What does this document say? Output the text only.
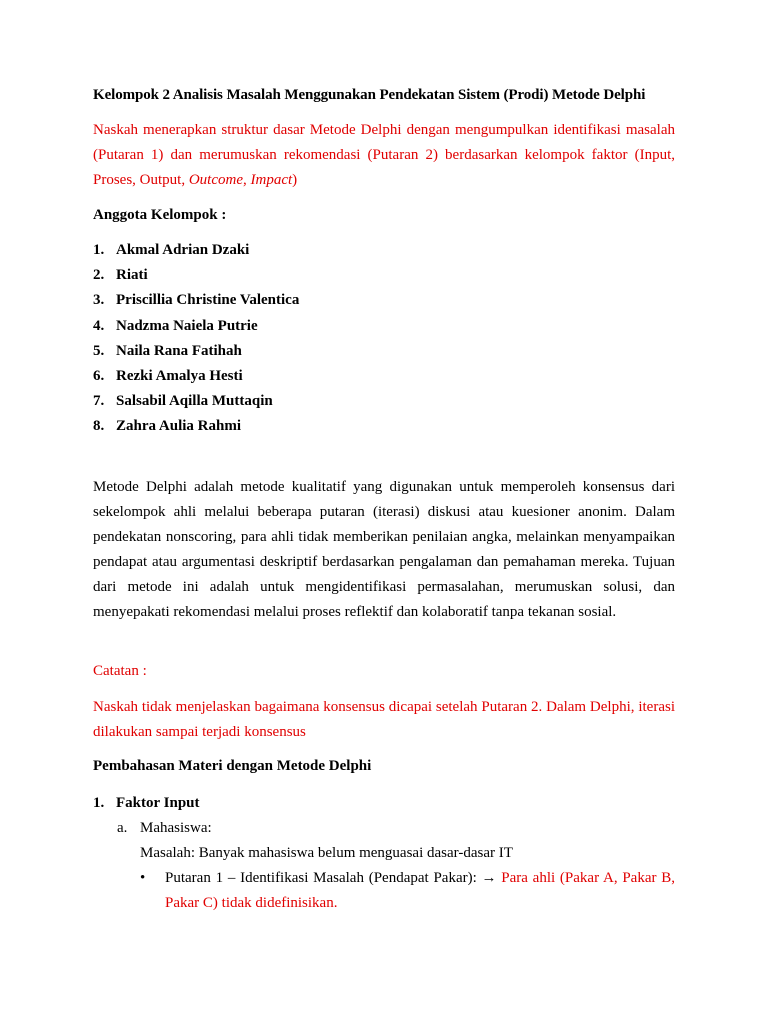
Kelompok 2 Analisis Masalah Menggunakan Pendekatan Sistem (Prodi) Metode Delphi

Naskah menerapkan struktur dasar Metode Delphi dengan mengumpulkan identifikasi masalah (Putaran 1) dan merumuskan rekomendasi (Putaran 2) berdasarkan kelompok faktor (Input, Proses, Output, Outcome, Impact)

Anggota Kelompok :
1. Akmal Adrian Dzaki
2. Riati
3. Priscillia Christine Valentica
4. Nadzma Naiela Putrie
5. Naila Rana Fatihah
6. Rezki Amalya Hesti
7. Salsabil Aqilla Muttaqin
8. Zahra Aulia Rahmi

Metode Delphi adalah metode kualitatif yang digunakan untuk memperoleh konsensus dari sekelompok ahli melalui beberapa putaran (iterasi) diskusi atau kuesioner anonim. Dalam pendekatan nonscoring, para ahli tidak memberikan penilaian angka, melainkan menyampaikan pendapat atau argumentasi deskriptif berdasarkan pengalaman dan pemahaman mereka. Tujuan dari metode ini adalah untuk mengidentifikasi permasalahan, merumuskan solusi, dan menyepakati rekomendasi melalui proses reflektif dan kolaboratif tanpa tekanan sosial.

Catatan :

Naskah tidak menjelaskan bagaimana konsensus dicapai setelah Putaran 2. Dalam Delphi, iterasi dilakukan sampai terjadi konsensus

Pembahasan Materi dengan Metode Delphi
1. Faktor Input
a. Mahasiswa:
Masalah: Banyak mahasiswa belum menguasai dasar-dasar IT
• Putaran 1 – Identifikasi Masalah (Pendapat Pakar): → Para ahli (Pakar A, Pakar B, Pakar C) tidak didefinisikan.
